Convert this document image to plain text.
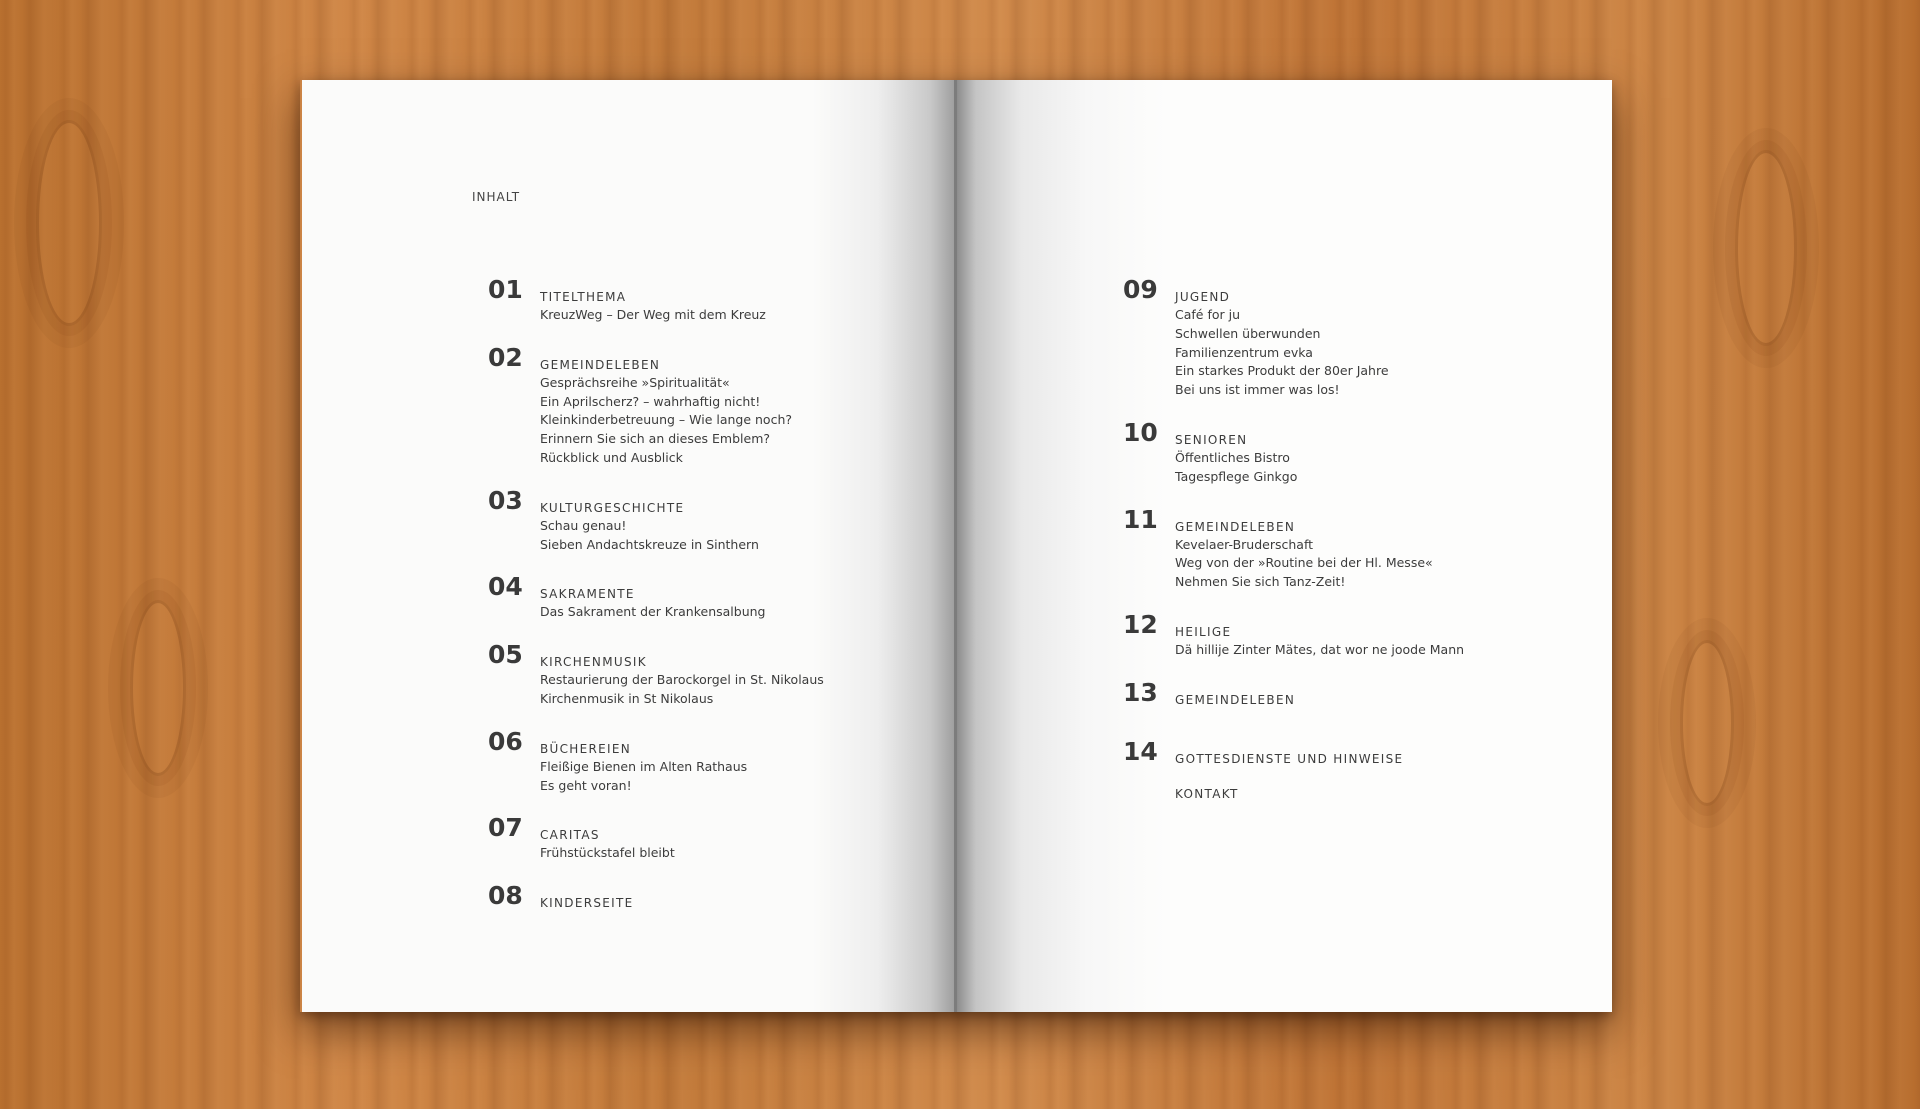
INHALT
01	TITELTHEMA
KreuzWeg – Der Weg mit dem Kreuz
02	GEMEINDELEBEN
Gesprächsreihe »Spiritualität«
Ein Aprilscherz? – wahrhaftig nicht!
Kleinkinderbetreuung – Wie lange noch?
Erinnern Sie sich an dieses Emblem?
Rückblick und Ausblick
03	KULTURGESCHICHTE
Schau genau!
Sieben Andachtskreuze in Sinthern
04	SAKRAMENTE
Das Sakrament der Krankensalbung
05	KIRCHENMUSIK
Restaurierung der Barockorgel in St. Nikolaus
Kirchenmusik in St Nikolaus
06	BÜCHEREIEN
Fleißige Bienen im Alten Rathaus
Es geht voran!
07	CARITAS
Frühstückstafel bleibt
08	KINDERSEITE
09	JUGEND
Café for ju
Schwellen überwunden
Familienzentrum evka
Ein starkes Produkt der 80er Jahre
Bei uns ist immer was los!
10	SENIOREN
Öffentliches Bistro
Tagespflege Ginkgo
11	GEMEINDELEBEN
Kevelaer-Bruderschaft
Weg von der »Routine bei der Hl. Messe«
Nehmen Sie sich Tanz-Zeit!
12	HEILIGE
Dä hillije Zinter Mätes, dat wor ne joode Mann
13	GEMEINDELEBEN
14	GOTTESDIENSTE UND HINWEISE
KONTAKT
